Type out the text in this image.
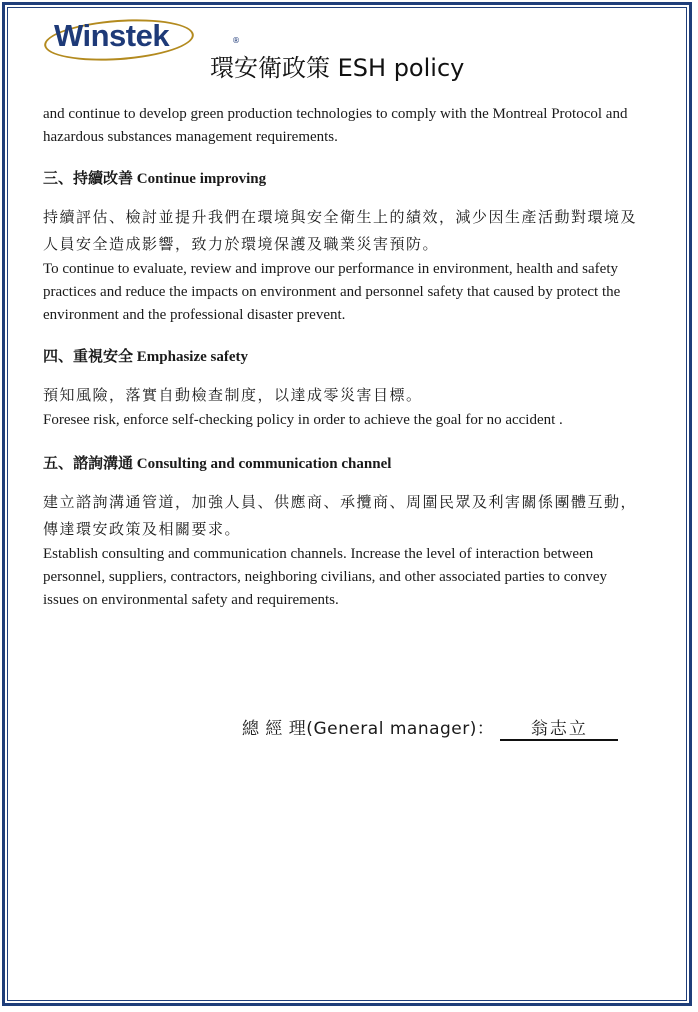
Winstek	®
環安衛政策 ESH policy

and continue to develop green production technologies to comply with the Montreal Protocol and hazardous substances management requirements.

三、持續改善 Continue improving

持續評估、檢討並提升我們在環境與安全衛生上的績效，減少因生產活動對環境及人員安全造成影響，致力於環境保護及職業災害預防。

To continue to evaluate, review and improve our performance in environment, health and safety practices and reduce the impacts on environment and personnel safety that caused by protect the environment and the professional disaster prevent.

四、重視安全 Emphasize safety

預知風險，落實自動檢查制度，以達成零災害目標。

Foresee risk, enforce self-checking policy in order to achieve the goal for no accident .

五、諮詢溝通 Consulting and communication channel

建立諮詢溝通管道，加強人員、供應商、承攬商、周圍民眾及利害關係團體互動，傳達環安政策及相關要求。

Establish consulting and communication channels. Increase the level of interaction between personnel, suppliers, contractors, neighboring civilians, and other associated parties to convey issues on environmental safety and requirements.

總 經 理(General manager)： 翁志立
